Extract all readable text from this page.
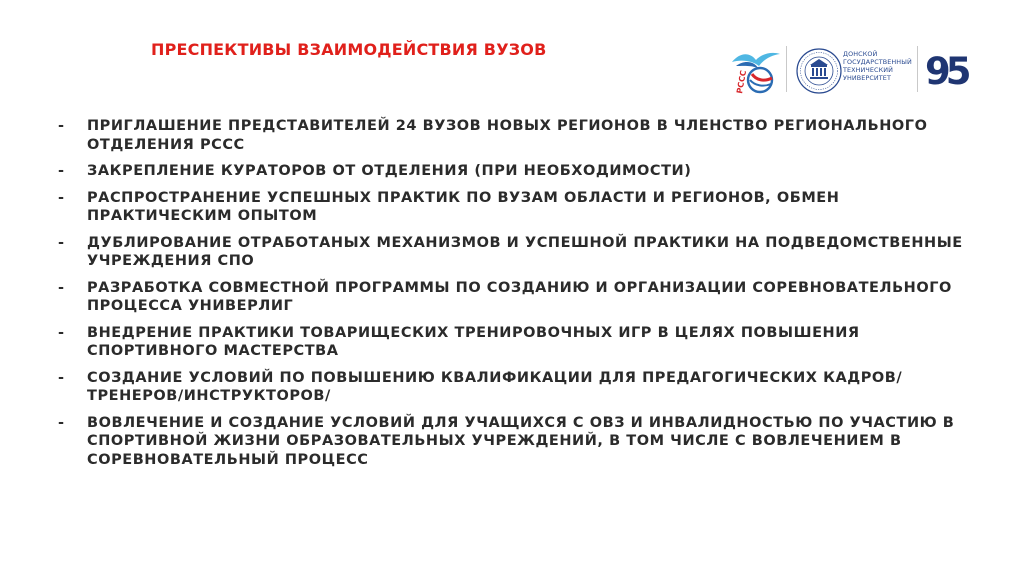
ПРЕСПЕКТИВЫ ВЗАИМОДЕЙСТВИЯ ВУЗОВ
РССС
ДОНСКОЙ
ГОСУДАРСТВЕННЫЙ
ТЕХНИЧЕСКИЙ
УНИВЕРСИТЕТ 95
-	ПРИГЛАШЕНИЕ ПРЕДСТАВИТЕЛЕЙ 24 ВУЗОВ НОВЫХ РЕГИОНОВ В ЧЛЕНСТВО РЕГИОНАЛЬНОГО ОТДЕЛЕНИЯ РСCC
-	ЗАКРЕПЛЕНИЕ КУРАТОРОВ ОТ ОТДЕЛЕНИЯ (ПРИ НЕОБХОДИМОСТИ)
-	РАСПРОСТРАНЕНИЕ УСПЕШНЫХ ПРАКТИК ПО ВУЗАМ ОБЛАСТИ И РЕГИОНОВ, ОБМЕН ПРАКТИЧЕСКИМ ОПЫТОМ
-	ДУБЛИРОВАНИЕ ОТРАБОТАНЫХ МЕХАНИЗМОВ И УСПЕШНОЙ ПРАКТИКИ НА ПОДВЕДОМСТВЕННЫЕ УЧРЕЖДЕНИЯ СПО
-	РАЗРАБОТКА СОВМЕСТНОЙ ПРОГРАММЫ ПО СОЗДАНИЮ И ОРГАНИЗАЦИИ СОРЕВНОВАТЕЛЬНОГО ПРОЦЕССА УНИВЕРЛИГ
-	ВНЕДРЕНИЕ ПРАКТИКИ ТОВАРИЩЕСКИХ ТРЕНИРОВОЧНЫХ ИГР В ЦЕЛЯХ ПОВЫШЕНИЯ СПОРТИВНОГО МАСТЕРСТВА
-	СОЗДАНИЕ УСЛОВИЙ ПО ПОВЫШЕНИЮ КВАЛИФИКАЦИИ ДЛЯ ПРЕДАГОГИЧЕСКИХ КАДРОВ/ ТРЕНЕРОВ/ИНСТРУКТОРОВ/
-	ВОВЛЕЧЕНИЕ И СОЗДАНИЕ УСЛОВИЙ ДЛЯ УЧАЩИХСЯ С ОВЗ И ИНВАЛИДНОСТЬЮ ПО УЧАСТИЮ В СПОРТИВНОЙ ЖИЗНИ ОБРАЗОВАТЕЛЬНЫХ УЧРЕЖДЕНИЙ, В ТОМ ЧИСЛЕ С ВОВЛЕЧЕНИЕМ В СОРЕВНОВАТЕЛЬНЫЙ ПРОЦЕСС
